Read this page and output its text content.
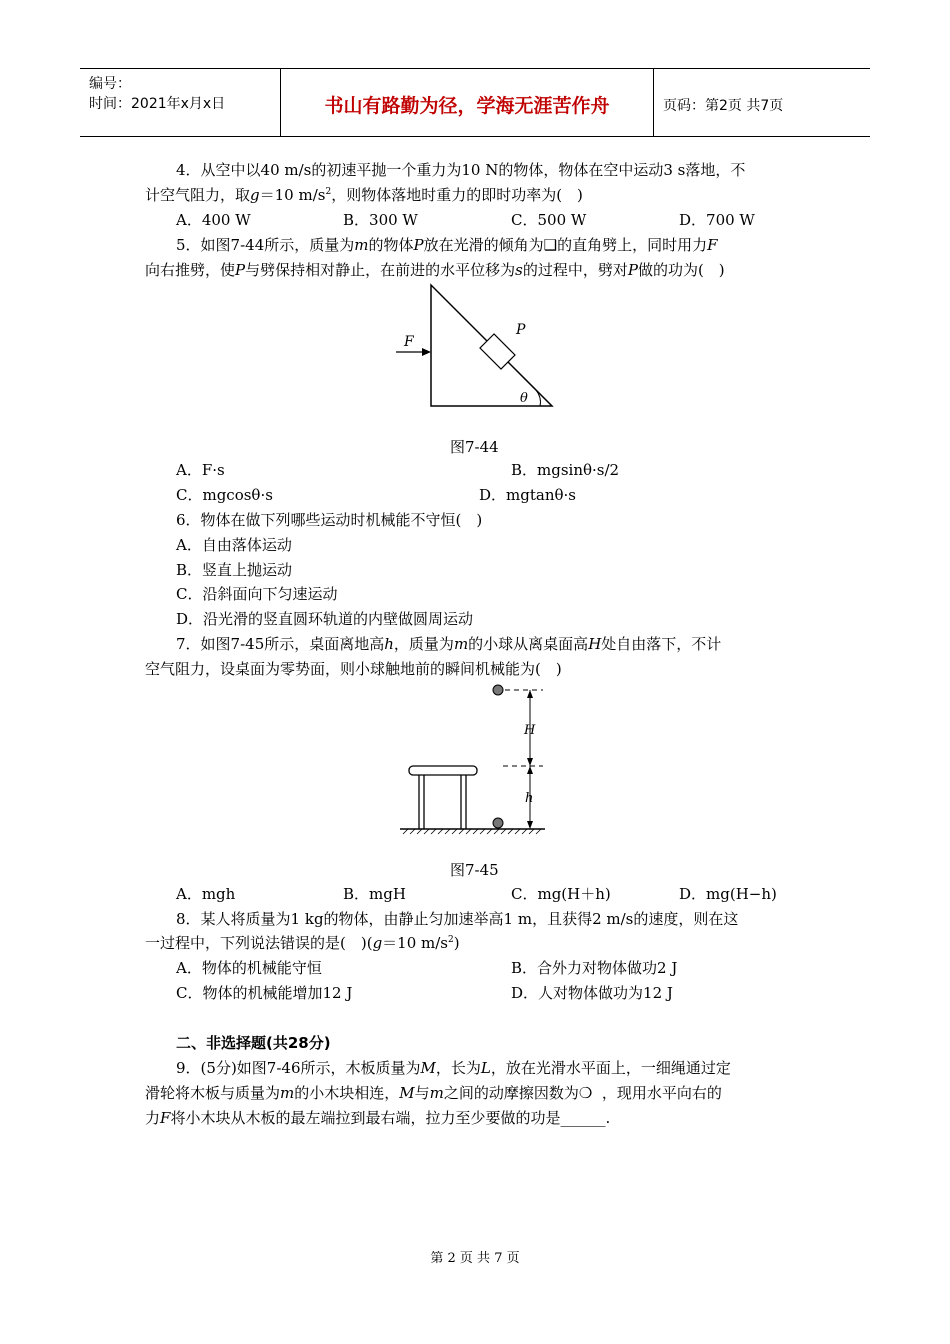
编号：
时间：2021年x月x日	书山有路勤为径，学海无涯苦作舟	页码：第2页 共7页
4．从空中以40 m/s的初速平抛一个重力为10 N的物体，物体在空中运动3 s落地，不
计空气阻力，取g＝10 $m/s^2$，则物体落地时重力的即时功率为(　)
A．400 W	B．300 W	C．500 W	D．700 W
5．如图7-44所示，质量为m的物体P放在光滑的倾角为❑的直角劈上，同时用力F
向右推劈，使P与劈保持相对静止，在前进的水平位移为s的过程中，劈对P做的功为(　)
F
P
θ
图7-44
A．F·s	B．mgsinθ·s/2
C．mgcosθ·s	D．mgtanθ·s
6．物体在做下列哪些运动时机械能不守恒(　)
A．自由落体运动
B．竖直上抛运动
C．沿斜面向下匀速运动
D．沿光滑的竖直圆环轨道的内壁做圆周运动
7．如图7-45所示，桌面离地高h，质量为m的小球从离桌面高H处自由落下，不计
空气阻力，设桌面为零势面，则小球触地前的瞬间机械能为(　)
H
h
图7-45
A．mgh	B．mgH	C．mg(H＋h)	D．mg(H−h)
8．某人将质量为1 kg的物体，由静止匀加速举高1 m，且获得2 m/s的速度，则在这
一过程中，下列说法错误的是(　)(g＝10 $m/s^2$)
A．物体的机械能守恒	B．合外力对物体做功2 J
C．物体的机械能增加12 J	D．人对物体做功为12 J
二、非选择题(共28分)
9．(5分)如图7-46所示，木板质量为M，长为L，放在光滑水平面上，一细绳通过定
滑轮将木板与质量为m的小木块相连，M与m之间的动摩擦因数为❍ ，现用水平向右的
力F将小木块从木板的最左端拉到最右端，拉力至少要做的功是______.
第 2 页 共 7 页
